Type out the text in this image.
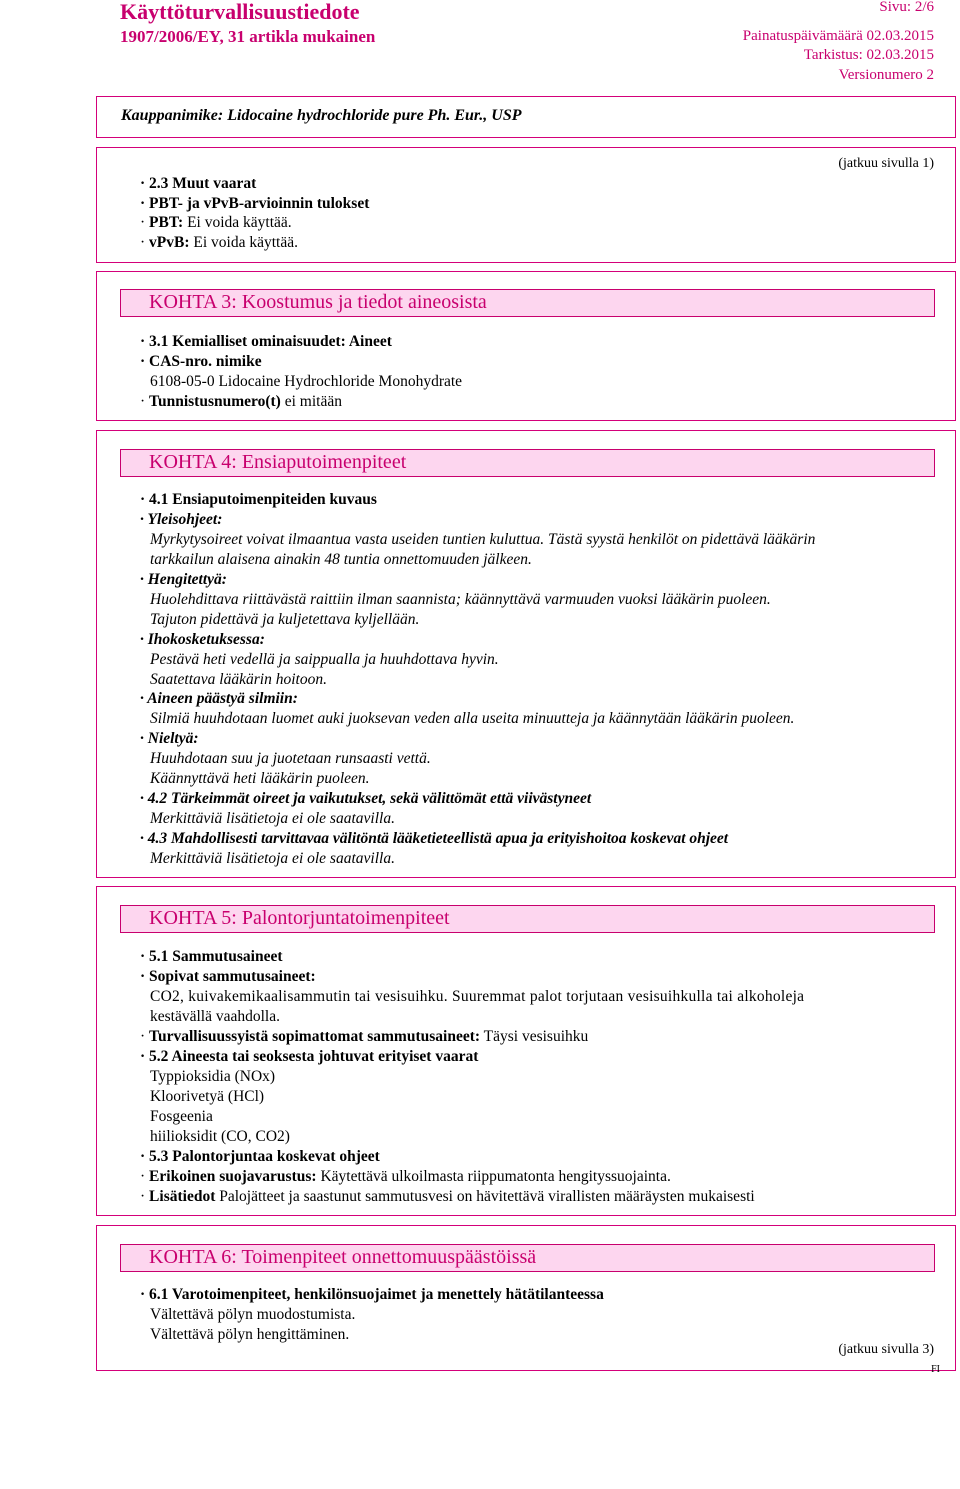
Käyttöturvallisuustiedote
1907/2006/EY, 31 artikla mukainen
Sivu: 2/6
Painatuspäivämäärä 02.03.2015
Tarkistus: 02.03.2015
Versionumero 2
Kauppanimike: Lidocaine hydrochloride pure Ph. Eur., USP
(jatkuu sivulla 1)
· 2.3 Muut vaarat
· PBT- ja vPvB-arvioinnin tulokset
· PBT: Ei voida käyttää.
· vPvB: Ei voida käyttää.
KOHTA 3: Koostumus ja tiedot aineosista
· 3.1 Kemialliset ominaisuudet: Aineet
· CAS-nro. nimike
6108-05-0 Lidocaine Hydrochloride Monohydrate
· Tunnistusnumero(t) ei mitään
KOHTA 4: Ensiaputoimenpiteet
· 4.1 Ensiaputoimenpiteiden kuvaus
· Yleisohjeet:
Myrkytysoireet voivat ilmaantua vasta useiden tuntien kuluttua. Tästä syystä henkilöt on pidettävä lääkärin
tarkkailun alaisena ainakin 48 tuntia onnettomuuden jälkeen.
· Hengitettyä:
Huolehdittava riittävästä raittiin ilman saannista; käännyttävä varmuuden vuoksi lääkärin puoleen.
Tajuton pidettävä ja kuljetettava kyljellään.
· Ihokosketuksessa:
Pestävä heti vedellä ja saippualla ja huuhdottava hyvin.
Saatettava lääkärin hoitoon.
· Aineen päästyä silmiin:
Silmiä huuhdotaan luomet auki juoksevan veden alla useita minuutteja ja käännytään lääkärin puoleen.
· Nieltyä:
Huuhdotaan suu ja juotetaan runsaasti vettä.
Käännyttävä heti lääkärin puoleen.
· 4.2 Tärkeimmät oireet ja vaikutukset, sekä välittömät että viivästyneet
Merkittäviä lisätietoja ei ole saatavilla.
· 4.3 Mahdollisesti tarvittavaa välitöntä lääketieteellistä apua ja erityishoitoa koskevat ohjeet
Merkittäviä lisätietoja ei ole saatavilla.
KOHTA 5: Palontorjuntatoimenpiteet
· 5.1 Sammutusaineet
· Sopivat sammutusaineet:
CO2, kuivakemikaalisammutin tai vesisuihku. Suuremmat palot torjutaan vesisuihkulla tai alkoholeja
kestävällä vaahdolla.
· Turvallisuussyistä sopimattomat sammutusaineet: Täysi vesisuihku
· 5.2 Aineesta tai seoksesta johtuvat erityiset vaarat
Typpioksidia (NOx)
Kloorivetyä (HCl)
Fosgeenia
hiilioksidit (CO, CO2)
· 5.3 Palontorjuntaa koskevat ohjeet
· Erikoinen suojavarustus: Käytettävä ulkoilmasta riippumatonta hengityssuojainta.
· Lisätiedot Palojätteet ja saastunut sammutusvesi on hävitettävä virallisten määräysten mukaisesti
KOHTA 6: Toimenpiteet onnettomuuspäästöissä
· 6.1 Varotoimenpiteet, henkilönsuojaimet ja menettely hätätilanteessa
Vältettävä pölyn muodostumista.
Vältettävä pölyn hengittäminen.
(jatkuu sivulla 3)
FI
